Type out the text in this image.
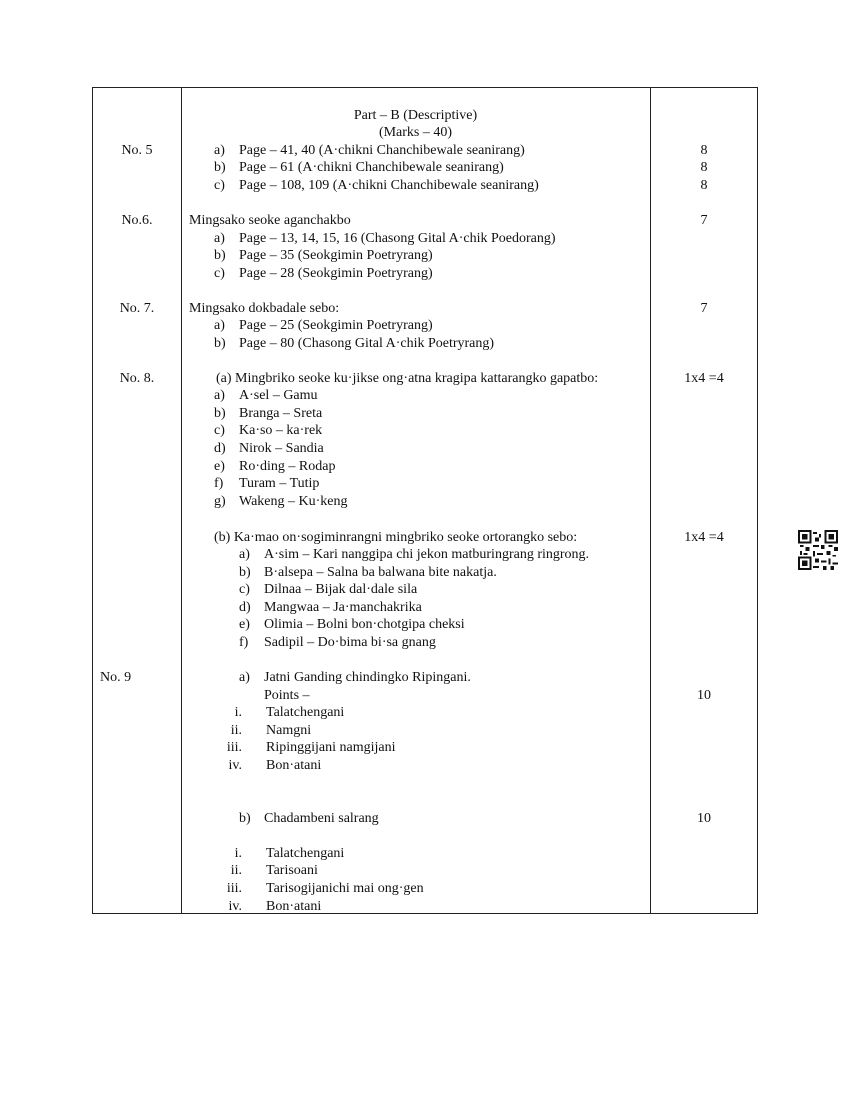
Part – B (Descriptive)
(Marks – 40)
No. 5	a) Page – 41, 40 (A·chikni Chanchibewale seanirang)	8
b) Page – 61 (A·chikni Chanchibewale seanirang)	8
c) Page – 108, 109 (A·chikni Chanchibewale seanirang)	8
No.6.	Mingsako seoke aganchakbo	7
a) Page – 13, 14, 15, 16 (Chasong Gital A·chik Poedorang)
b) Page – 35 (Seokgimin Poetryrang)
c) Page – 28 (Seokgimin Poetryrang)
No. 7.	Mingsako dokbadale sebo:	7
a) Page – 25 (Seokgimin Poetryrang)
b) Page – 80 (Chasong Gital A·chik Poetryrang)
No. 8.	(a) Mingbriko seoke ku·jikse ong·atna kragipa kattarangko gapatbo:	1x4 =4
a) A·sel – Gamu
b) Branga – Sreta
c) Ka·so – ka·rek
d) Nirok – Sandia
e) Ro·ding – Rodap
f) Turam – Tutip
g) Wakeng – Ku·keng
(b) Ka·mao on·sogiminrangni mingbriko seoke ortorangko sebo:	1x4 =4
a) A·sim – Kari nanggipa chi jekon matburingrang ringrong.
b) B·alsepa – Salna ba balwana bite nakatja.
c) Dilnaa – Bijak dal·dale sila
d) Mangwaa – Ja·manchakrika
e) Olimia – Bolni bon·chotgipa cheksi
f) Sadipil – Do·bima bi·sa gnang
No. 9	a) Jatni Ganding chindingko Ripingani.
Points –	10
i. Talatchengani
ii. Namgni
iii. Ripinggijani namgijani
iv. Bon·atani
b) Chadambeni salrang	10
i. Talatchengani
ii. Tarisoani
iii. Tarisogijanichi mai ong·gen
iv. Bon·atani
